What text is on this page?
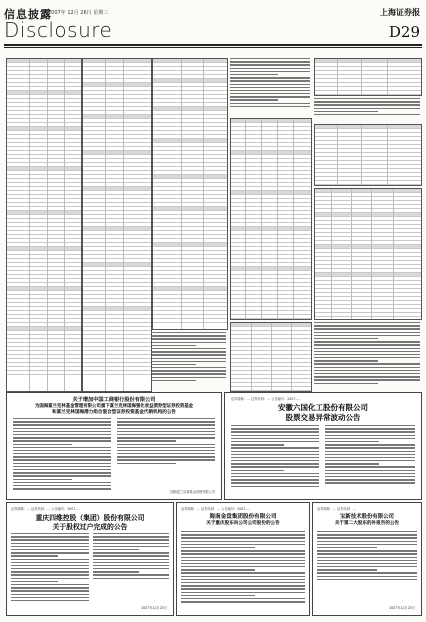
信息披露
2007年 12月 26日 星期三
Disclosure
上海证券报
D29
关于增加中国工商银行股份有限公司
为国海富兰克林基金管理有限公司旗下富兰克林国海强化收益债券型证券投资基金
和富兰克林国海潜力组合混合型证券投资基金代销机构的公告
国海富兰克林基金管理有限公司
证券简称：… 证券代码：… 公告编号：2007-…
安徽六国化工股份有限公司
股票交易异常波动公告
证券简称：… 证券代码：… 公告编号：2007-…
重庆四维控股（集团）股份有限公司
关于股权过户完成的公告
2007年12月25日
证券简称：… 证券代码：… 公告编号：2007-…
海南金盘集团股份有限公司
关于重庆股东向公司公司股份的公告
证券简称：… 证券代码：…
宝新技术股份有限公司
关于第二大股东的补报告的公告
2007年12月25日
